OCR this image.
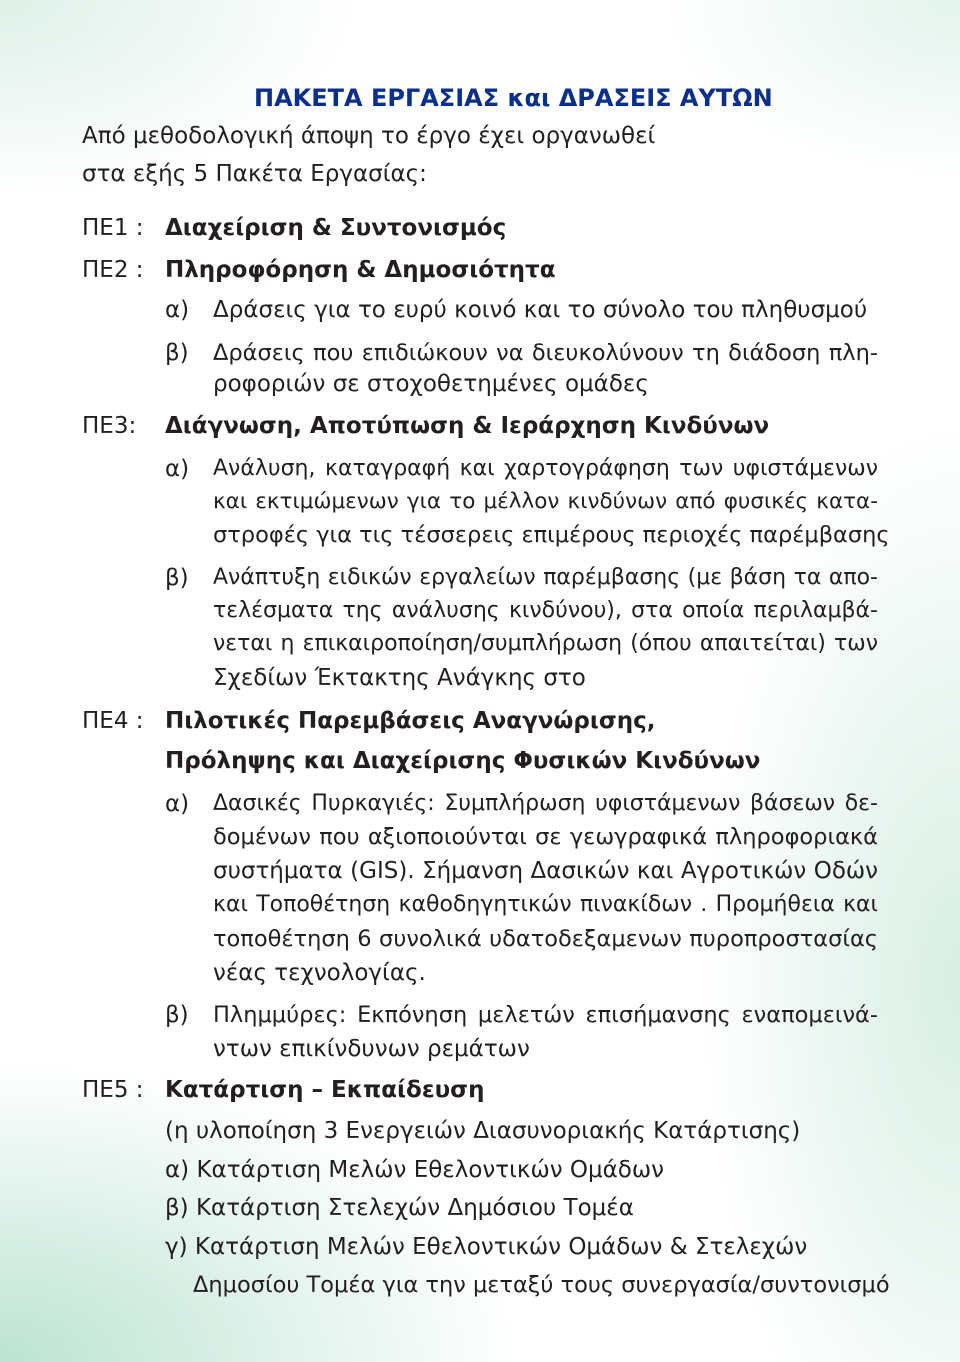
ΠΑΚΕΤΑ ΕΡΓΑΣΙΑΣ και ΔΡΑΣΕΙΣ ΑΥΤΩΝ
Από μεθοδολογική άποψη το έργο έχει οργανωθεί
στα εξής 5 Πακέτα Εργασίας:
ΠΕ1 : Διαχείριση & Συντονισμός
ΠΕ2 : Πληροφόρηση & Δημοσιότητα
α) Δράσεις για το ευρύ κοινό και το σύνολο του πληθυσμού
β) Δράσεις που επιδιώκουν να διευκολύνουν τη διάδοση πλη-
ροφοριών σε στοχοθετημένες ομάδες
ΠΕ3: Διάγνωση, Αποτύπωση & Ιεράρχηση Κινδύνων
α) Ανάλυση, καταγραφή και χαρτογράφηση των υφιστάμενων
και εκτιμώμενων για το μέλλον κινδύνων από φυσικές κατα-
στροφές για τις τέσσερεις επιμέρους περιοχές παρέμβασης
β) Ανάπτυξη ειδικών εργαλείων παρέμβασης (με βάση τα απο-
τελέσματα της ανάλυσης κινδύνου), στα οποία περιλαμβά-
νεται η επικαιροποίηση/συμπλήρωση (όπου απαιτείται) των
Σχεδίων Έκτακτης Ανάγκης στο
ΠΕ4 : Πιλοτικές Παρεμβάσεις Αναγνώρισης,
Πρόληψης και Διαχείρισης Φυσικών Κινδύνων
α) Δασικές Πυρκαγιές: Συμπλήρωση υφιστάμενων βάσεων δε-
δομένων που αξιοποιούνται σε γεωγραφικά πληροφοριακά
συστήματα (GIS). Σήμανση Δασικών και Αγροτικών Οδών
και Τοποθέτηση καθοδηγητικών πινακίδων . Προμήθεια και
τοποθέτηση 6 συνολικά υδατοδεξαμενων πυροπροστασίας
νέας τεχνολογίας.
β) Πλημμύρες: Εκπόνηση μελετών επισήμανσης εναπομεινά-
ντων επικίνδυνων ρεμάτων
ΠΕ5 : Κατάρτιση – Εκπαίδευση
(η υλοποίηση 3 Ενεργειών Διασυνοριακής Κατάρτισης)
α) Κατάρτιση Μελών Εθελοντικών Ομάδων
β) Κατάρτιση Στελεχών Δημόσιου Τομέα
γ) Κατάρτιση Μελών Εθελοντικών Ομάδων & Στελεχών
Δημοσίου Τομέα για την μεταξύ τους συνεργασία/συντονισμό
